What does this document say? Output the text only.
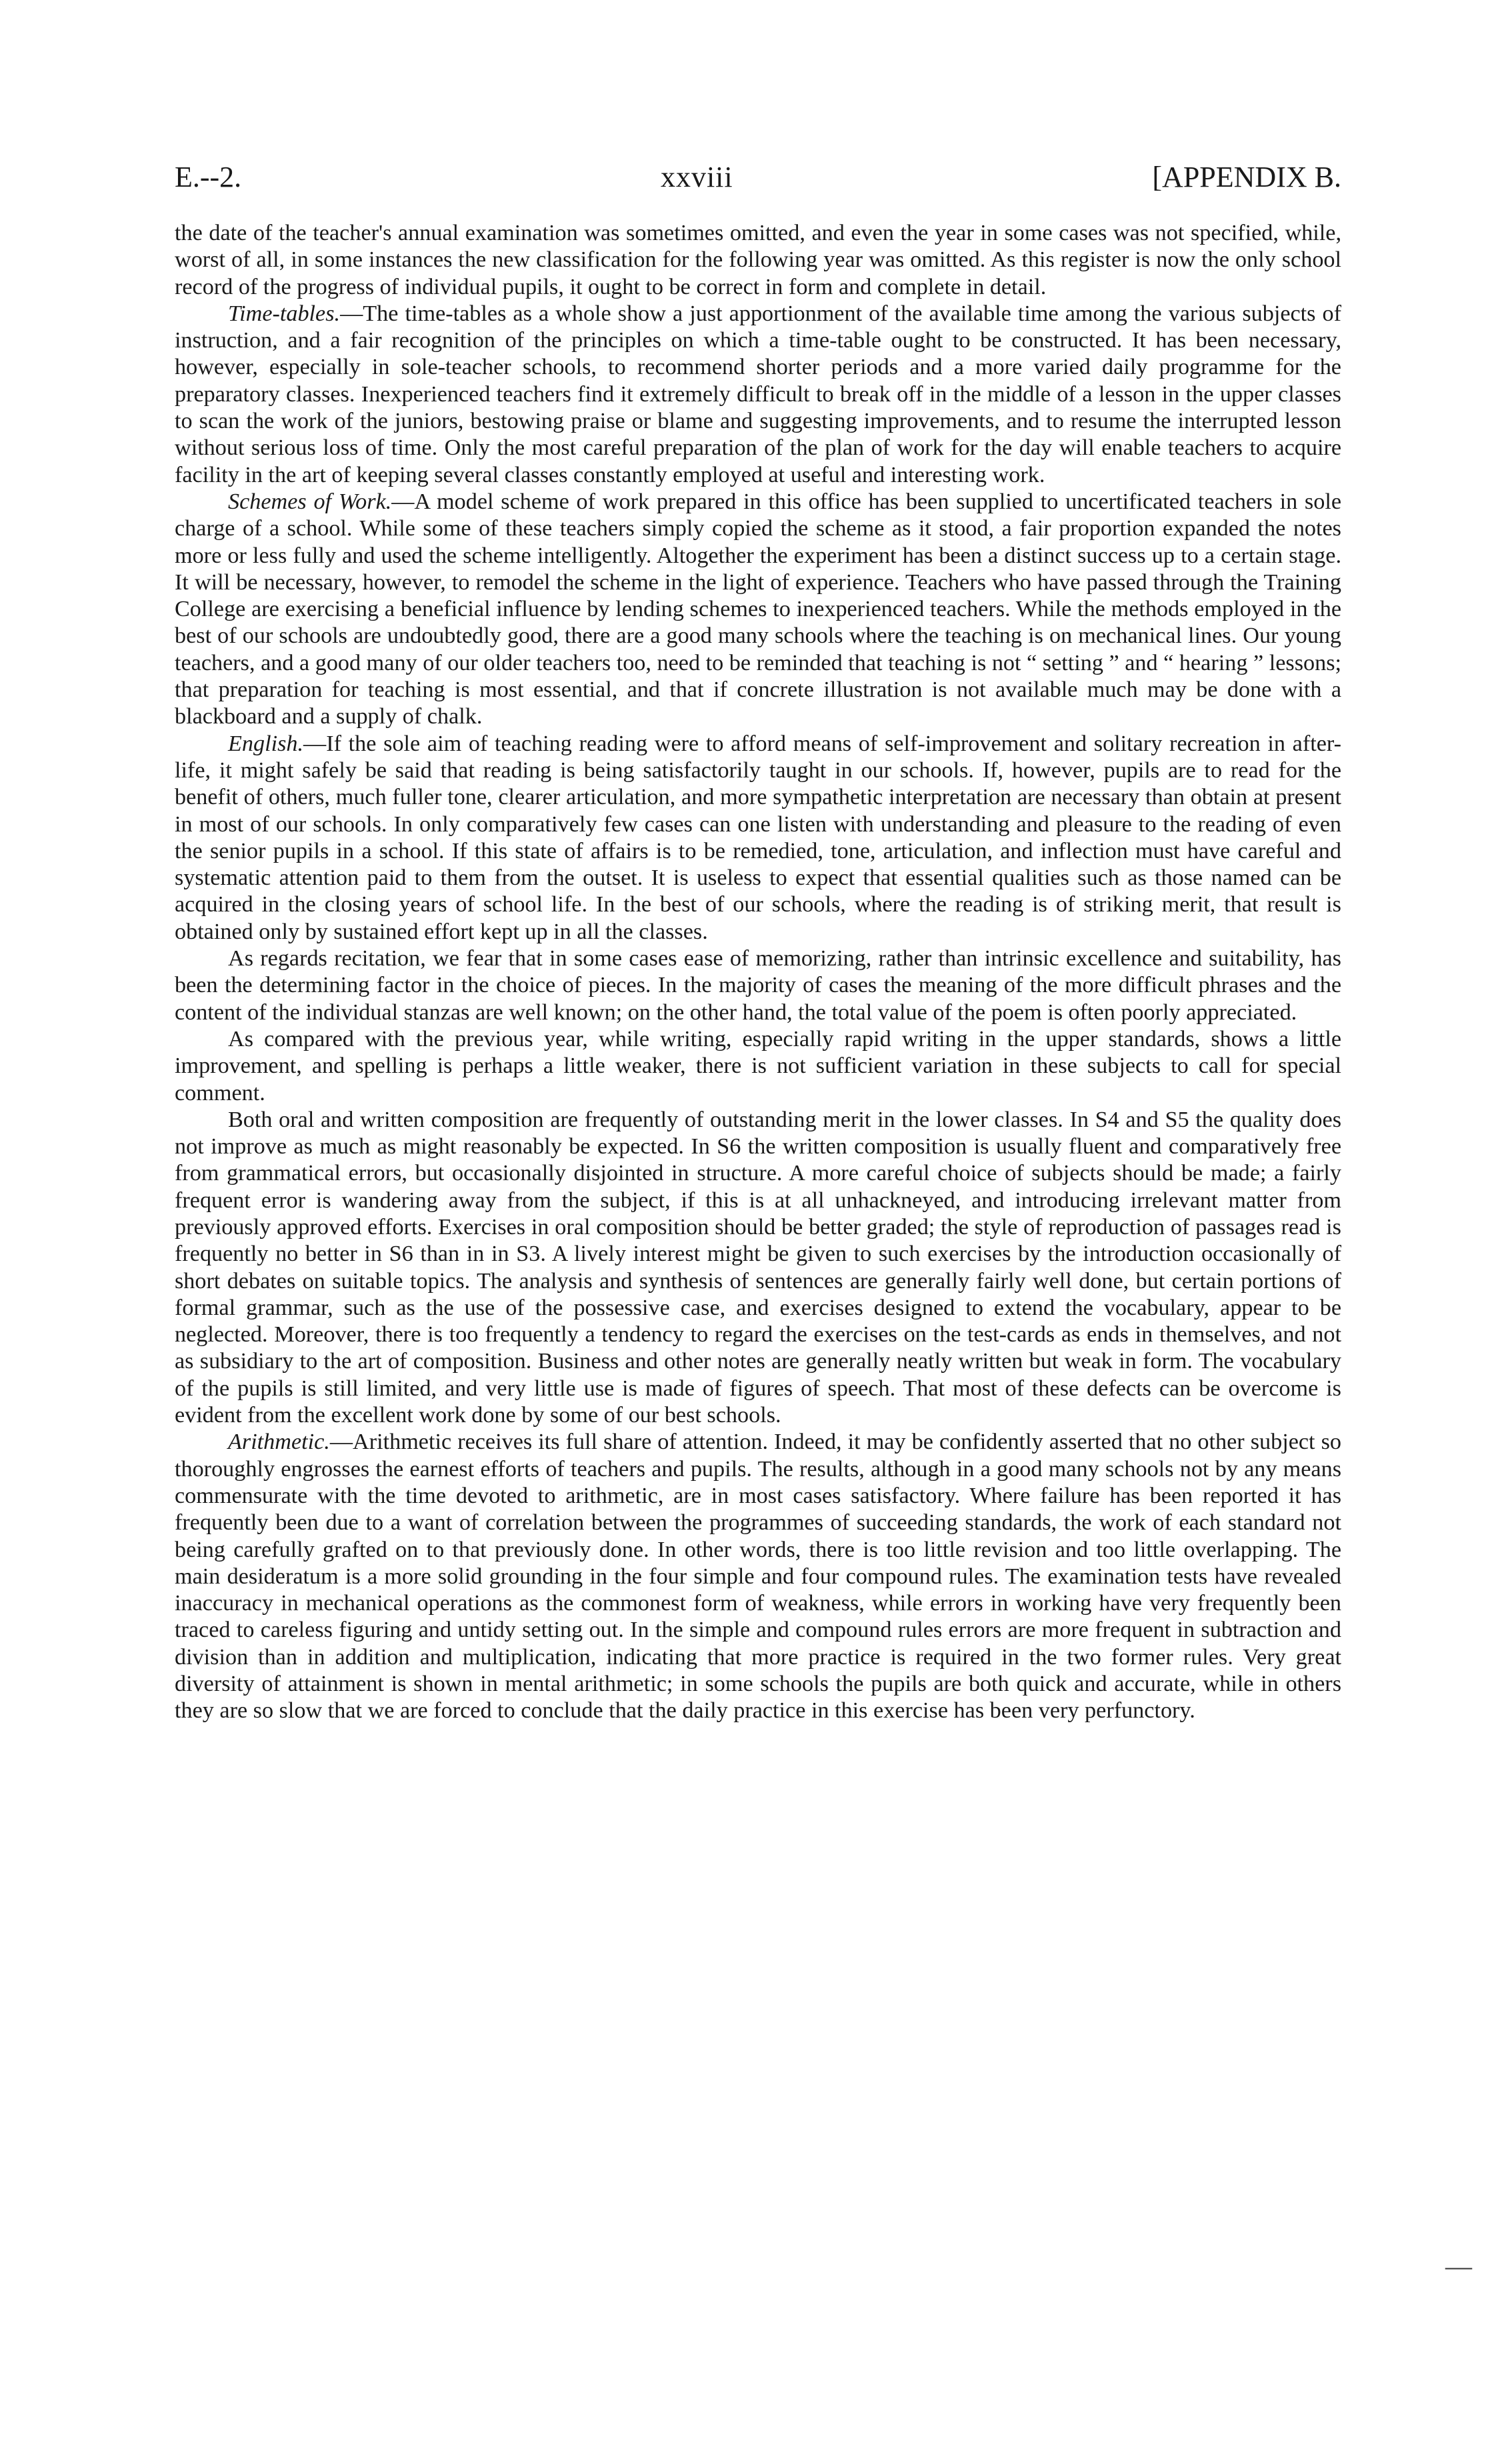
E.--2.	xxviii	[APPENDIX B.

the date of the teacher's annual examination was sometimes omitted, and even the year in some cases was not specified, while, worst of all, in some instances the new classification for the following year was omitted. As this register is now the only school record of the progress of individual pupils, it ought to be correct in form and complete in detail.

Time-tables.—The time-tables as a whole show a just apportionment of the available time among the various subjects of instruction, and a fair recognition of the principles on which a time-table ought to be constructed. It has been necessary, however, especially in sole-teacher schools, to recommend shorter periods and a more varied daily programme for the preparatory classes. Inexperienced teachers find it extremely difficult to break off in the middle of a lesson in the upper classes to scan the work of the juniors, bestowing praise or blame and suggesting improvements, and to resume the interrupted lesson without serious loss of time. Only the most careful preparation of the plan of work for the day will enable teachers to acquire facility in the art of keeping several classes constantly employed at useful and interesting work.

Schemes of Work.—A model scheme of work prepared in this office has been supplied to uncertificated teachers in sole charge of a school. While some of these teachers simply copied the scheme as it stood, a fair proportion expanded the notes more or less fully and used the scheme intelligently. Altogether the experiment has been a distinct success up to a certain stage. It will be necessary, however, to remodel the scheme in the light of experience. Teachers who have passed through the Training College are exercising a beneficial influence by lending schemes to inexperienced teachers. While the methods employed in the best of our schools are undoubtedly good, there are a good many schools where the teaching is on mechanical lines. Our young teachers, and a good many of our older teachers too, need to be reminded that teaching is not “ setting ” and “ hearing ” lessons; that preparation for teaching is most essential, and that if concrete illustration is not available much may be done with a blackboard and a supply of chalk.

English.—If the sole aim of teaching reading were to afford means of self-improvement and solitary recreation in after-life, it might safely be said that reading is being satisfactorily taught in our schools. If, however, pupils are to read for the benefit of others, much fuller tone, clearer articulation, and more sympathetic interpretation are necessary than obtain at present in most of our schools. In only comparatively few cases can one listen with understanding and pleasure to the reading of even the senior pupils in a school. If this state of affairs is to be remedied, tone, articulation, and inflection must have careful and systematic attention paid to them from the outset. It is useless to expect that essential qualities such as those named can be acquired in the closing years of school life. In the best of our schools, where the reading is of striking merit, that result is obtained only by sustained effort kept up in all the classes.

As regards recitation, we fear that in some cases ease of memorizing, rather than intrinsic excellence and suitability, has been the determining factor in the choice of pieces. In the majority of cases the meaning of the more difficult phrases and the content of the individual stanzas are well known; on the other hand, the total value of the poem is often poorly appreciated.

As compared with the previous year, while writing, especially rapid writing in the upper standards, shows a little improvement, and spelling is perhaps a little weaker, there is not sufficient variation in these subjects to call for special comment.

Both oral and written composition are frequently of outstanding merit in the lower classes. In S4 and S5 the quality does not improve as much as might reasonably be expected. In S6 the written composition is usually fluent and comparatively free from grammatical errors, but occasionally disjointed in structure. A more careful choice of subjects should be made; a fairly frequent error is wandering away from the subject, if this is at all unhackneyed, and introducing irrelevant matter from previously approved efforts. Exercises in oral composition should be better graded; the style of reproduction of passages read is frequently no better in S6 than in in S3. A lively interest might be given to such exercises by the introduction occasionally of short debates on suitable topics. The analysis and synthesis of sentences are generally fairly well done, but certain portions of formal grammar, such as the use of the possessive case, and exercises designed to extend the vocabulary, appear to be neglected. Moreover, there is too frequently a tendency to regard the exercises on the test-cards as ends in themselves, and not as subsidiary to the art of composition. Business and other notes are generally neatly written but weak in form. The vocabulary of the pupils is still limited, and very little use is made of figures of speech. That most of these defects can be overcome is evident from the excellent work done by some of our best schools.

Arithmetic.—Arithmetic receives its full share of attention. Indeed, it may be confidently asserted that no other subject so thoroughly engrosses the earnest efforts of teachers and pupils. The results, although in a good many schools not by any means commensurate with the time devoted to arithmetic, are in most cases satisfactory. Where failure has been reported it has frequently been due to a want of correlation between the programmes of succeeding standards, the work of each standard not being carefully grafted on to that previously done. In other words, there is too little revision and too little overlapping. The main desideratum is a more solid grounding in the four simple and four compound rules. The examination tests have revealed inaccuracy in mechanical operations as the commonest form of weakness, while errors in working have very frequently been traced to careless figuring and untidy setting out. In the simple and compound rules errors are more frequent in subtraction and division than in addition and multiplication, indicating that more practice is required in the two former rules. Very great diversity of attainment is shown in mental arithmetic; in some schools the pupils are both quick and accurate, while in others they are so slow that we are forced to conclude that the daily practice in this exercise has been very perfunctory.

—
